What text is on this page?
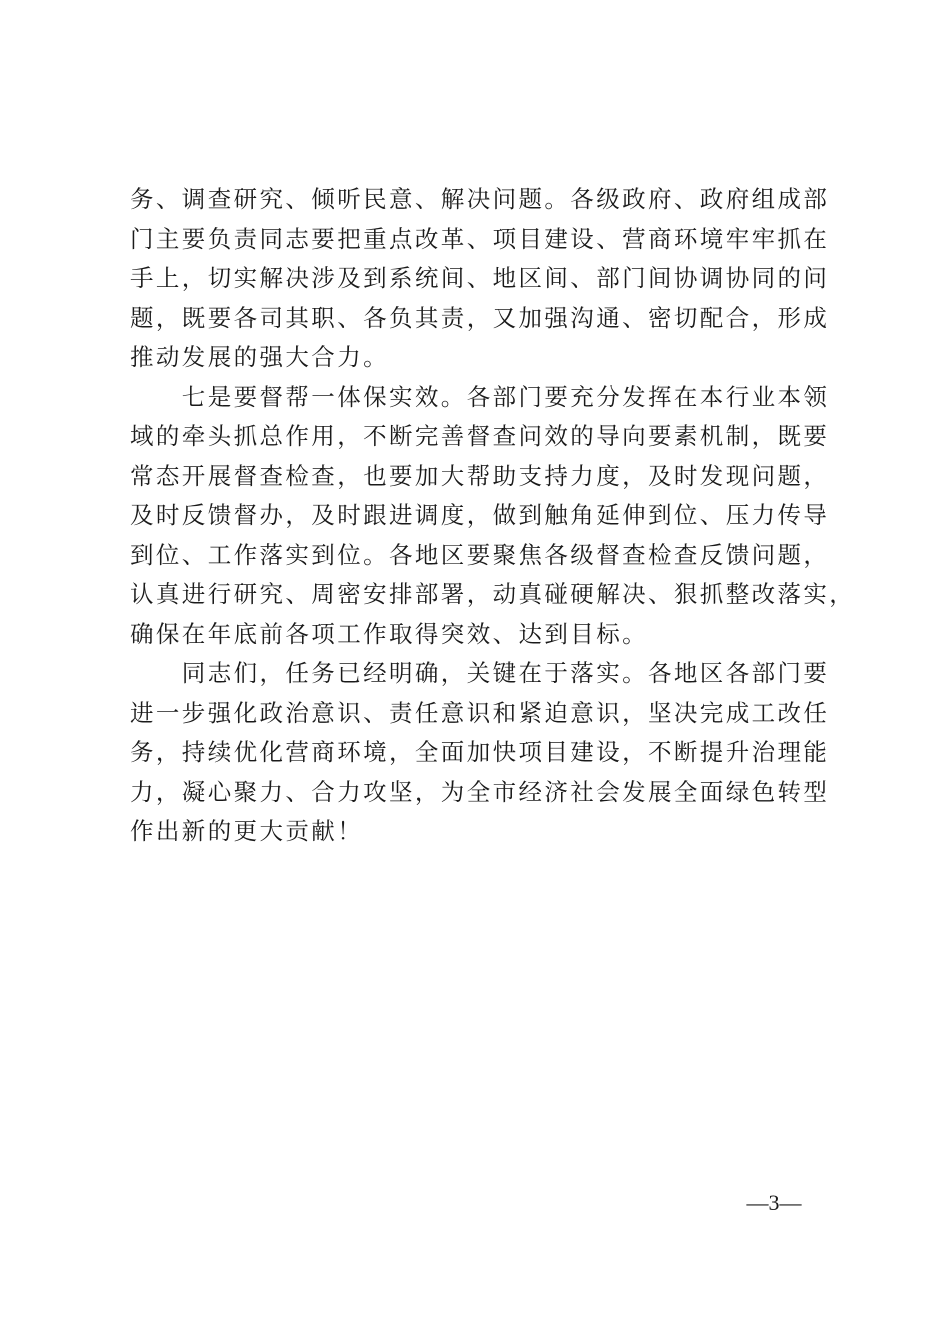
务、调查研究、倾听民意、解决问题。各级政府、政府组成部
门主要负责同志要把重点改革、项目建设、营商环境牢牢抓在
手上，切实解决涉及到系统间、地区间、部门间协调协同的问
题，既要各司其职、各负其责，又加强沟通、密切配合，形成
推动发展的强大合力。
　　七是要督帮一体保实效。各部门要充分发挥在本行业本领
域的牵头抓总作用，不断完善督查问效的导向要素机制，既要
常态开展督查检查，也要加大帮助支持力度，及时发现问题，
及时反馈督办，及时跟进调度，做到触角延伸到位、压力传导
到位、工作落实到位。各地区要聚焦各级督查检查反馈问题，
认真进行研究、周密安排部署，动真碰硬解决、狠抓整改落实，
确保在年底前各项工作取得突效、达到目标。
　　同志们，任务已经明确，关键在于落实。各地区各部门要
进一步强化政治意识、责任意识和紧迫意识，坚决完成工改任
务，持续优化营商环境，全面加快项目建设，不断提升治理能
力，凝心聚力、合力攻坚，为全市经济社会发展全面绿色转型
作出新的更大贡献！
—3—
